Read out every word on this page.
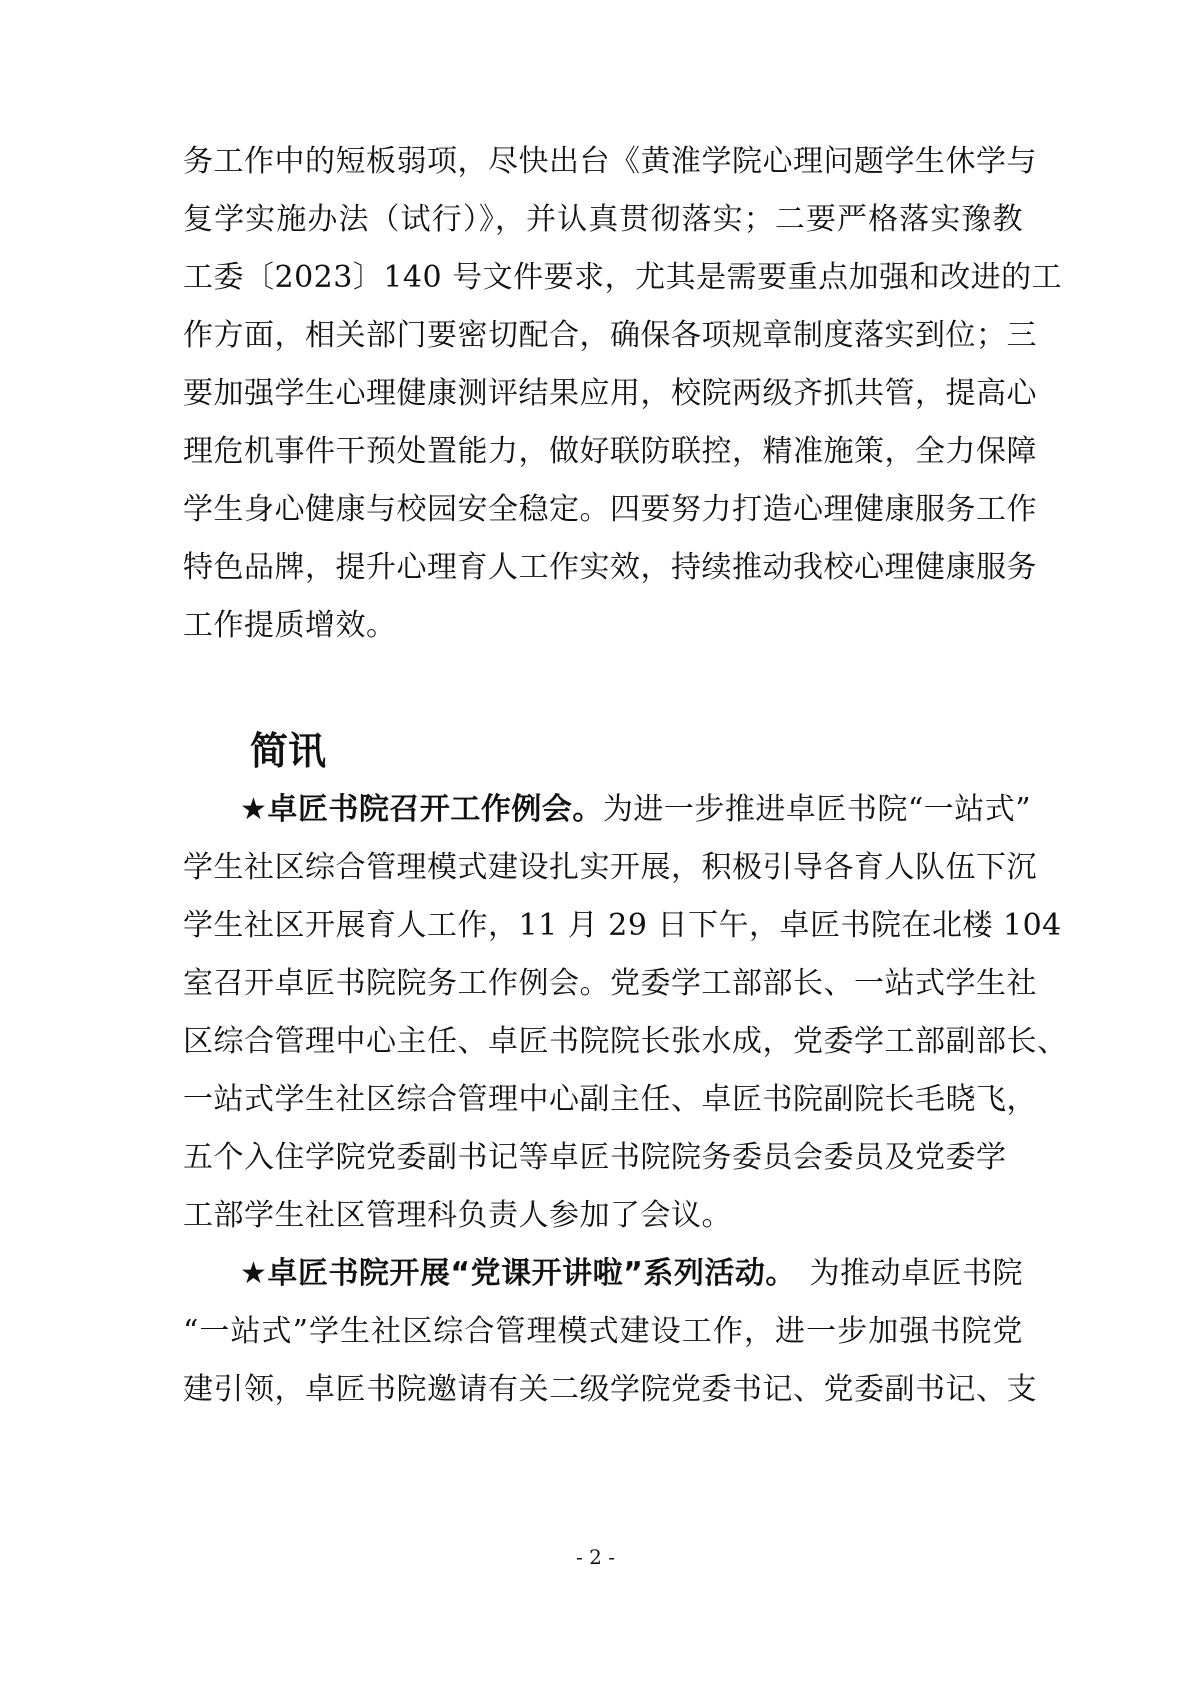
务工作中的短板弱项，尽快出台《黄淮学院心理问题学生休学与
复学实施办法（试行）》，并认真贯彻落实；二要严格落实豫教
工委〔2023〕140 号文件要求，尤其是需要重点加强和改进的工
作方面，相关部门要密切配合，确保各项规章制度落实到位；三
要加强学生心理健康测评结果应用，校院两级齐抓共管，提高心
理危机事件干预处置能力，做好联防联控，精准施策，全力保障
学生身心健康与校园安全稳定。四要努力打造心理健康服务工作
特色品牌，提升心理育人工作实效，持续推动我校心理健康服务
工作提质增效。
简讯
★卓匠书院召开工作例会。 为进一步推进卓匠书院“一站式”
学生社区综合管理模式建设扎实开展，积极引导各育人队伍下沉
学生社区开展育人工作，11 月 29 日下午，卓匠书院在北楼 104
室召开卓匠书院院务工作例会。党委学工部部长、一站式学生社
区综合管理中心主任、卓匠书院院长张水成，党委学工部副部长、
一站式学生社区综合管理中心副主任、卓匠书院副院长毛晓飞，
五个入住学院党委副书记等卓匠书院院务委员会委员及党委学
工部学生社区管理科负责人参加了会议。
★卓匠书院开展“党课开讲啦”系列活动。 为推动卓匠书院
“一站式”学生社区综合管理模式建设工作，进一步加强书院党
建引领，卓匠书院邀请有关二级学院党委书记、党委副书记、支
- 2 -
